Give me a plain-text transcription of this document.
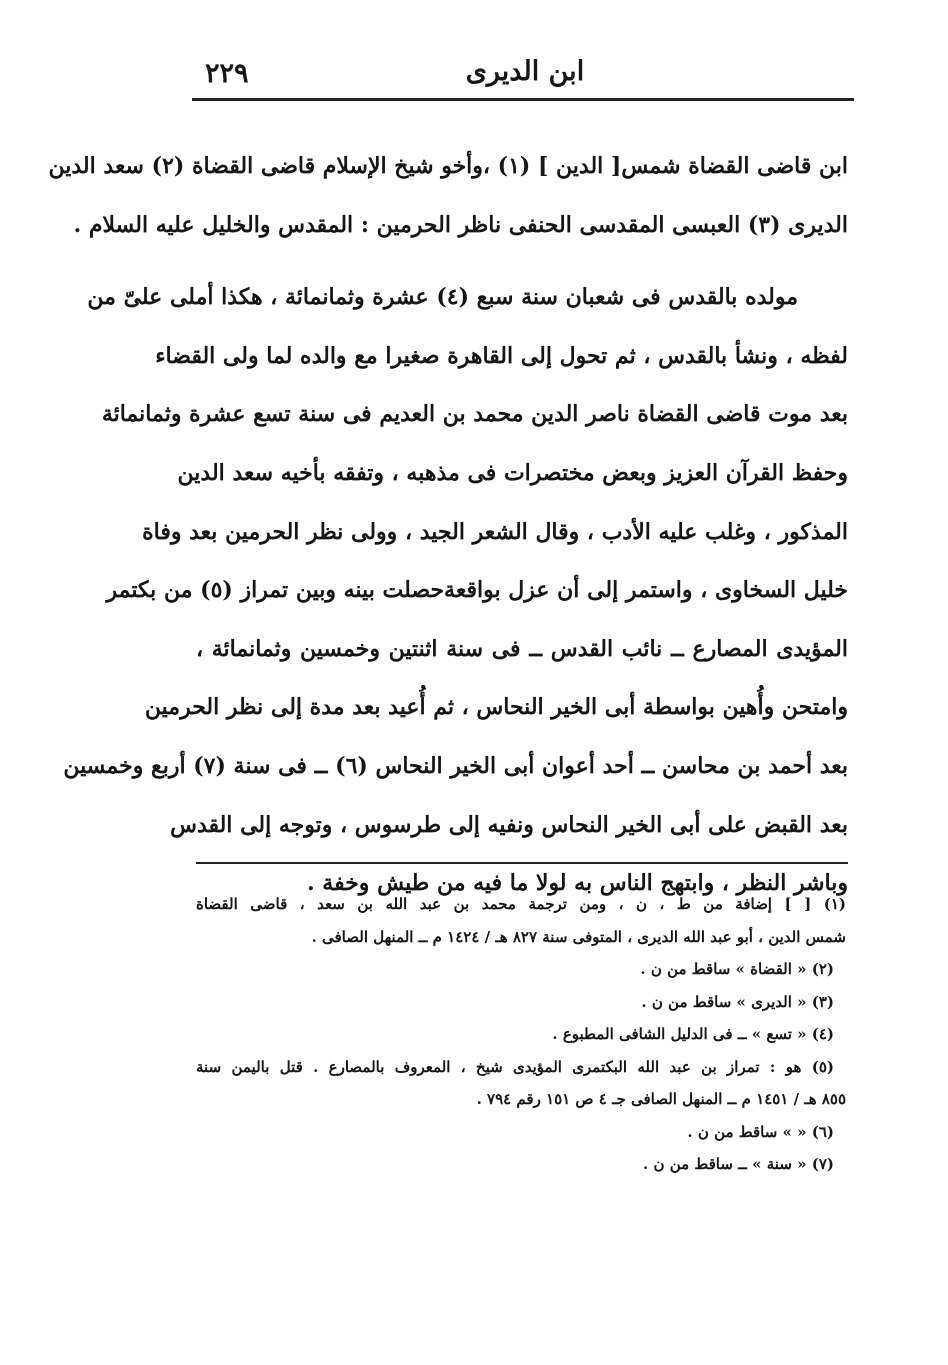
٢٢٩	ابن الديرى

ابن قاضى القضاة شمس[ الدين ] (١) ،وأخو شيخ الإسلام قاضى القضاة (٢) سعد الدين
الديرى (٣) العبسى المقدسى الحنفى ناظر الحرمين : المقدس والخليل عليه السلام .

مولده بالقدس فى شعبان سنة سبع (٤) عشرة وثمانمائة ، هكذا أملى علىّ من
لفظه ، ونشأ بالقدس ، ثم تحول إلى القاهرة صغيرا مع والده لما ولى القضاء
بعد موت قاضى القضاة ناصر الدين محمد بن العديم فى سنة تسع عشرة وثمانمائة
وحفظ القرآن العزيز وبعض مختصرات فى مذهبه ، وتفقه بأخيه سعد الدين
المذكور ، وغلب عليه الأدب ، وقال الشعر الجيد ، وولى نظر الحرمين بعد وفاة
خليل السخاوى ، واستمر إلى أن عزل بواقعةحصلت بينه وبين تمراز (٥) من بكتمر
المؤيدى المصارع ــ نائب القدس ــ فى سنة اثنتين وخمسين وثمانمائة ،
وامتحن وأُهين بواسطة أبى الخير النحاس ، ثم أُعيد بعد مدة إلى نظر الحرمين
بعد أحمد بن محاسن ــ أحد أعوان أبى الخير النحاس (٦) ــ فى سنة (٧) أربع وخمسين
بعد القبض على أبى الخير النحاس ونفيه إلى طرسوس ، وتوجه إلى القدس
وباشر النظر ، وابتهج الناس به لولا ما فيه من طيش وخفة .

(١) [ ] إضافة من ط ، ن ، ومن ترجمة محمد بن عبد الله بن سعد ، قاضى القضاة
شمس الدين ، أبو عبد الله الديرى ، المتوفى سنة ٨٢٧ هـ / ١٤٢٤ م ــ المنهل الصافى .
(٢) « القضاة » ساقط من ن .
(٣) « الديرى » ساقط من ن .
(٤) « تسع » ــ فى الدليل الشافى المطبوع .
(٥) هو : تمراز بن عبد الله البكتمرى المؤيدى شيخ ، المعروف بالمصارع . قتل باليمن سنة
٨٥٥ هـ / ١٤٥١ م ــ المنهل الصافى جـ ٤ ص ١٥١ رقم ٧٩٤ .
(٦) « » ساقط من ن .
(٧) « سنة » ــ ساقط من ن .
